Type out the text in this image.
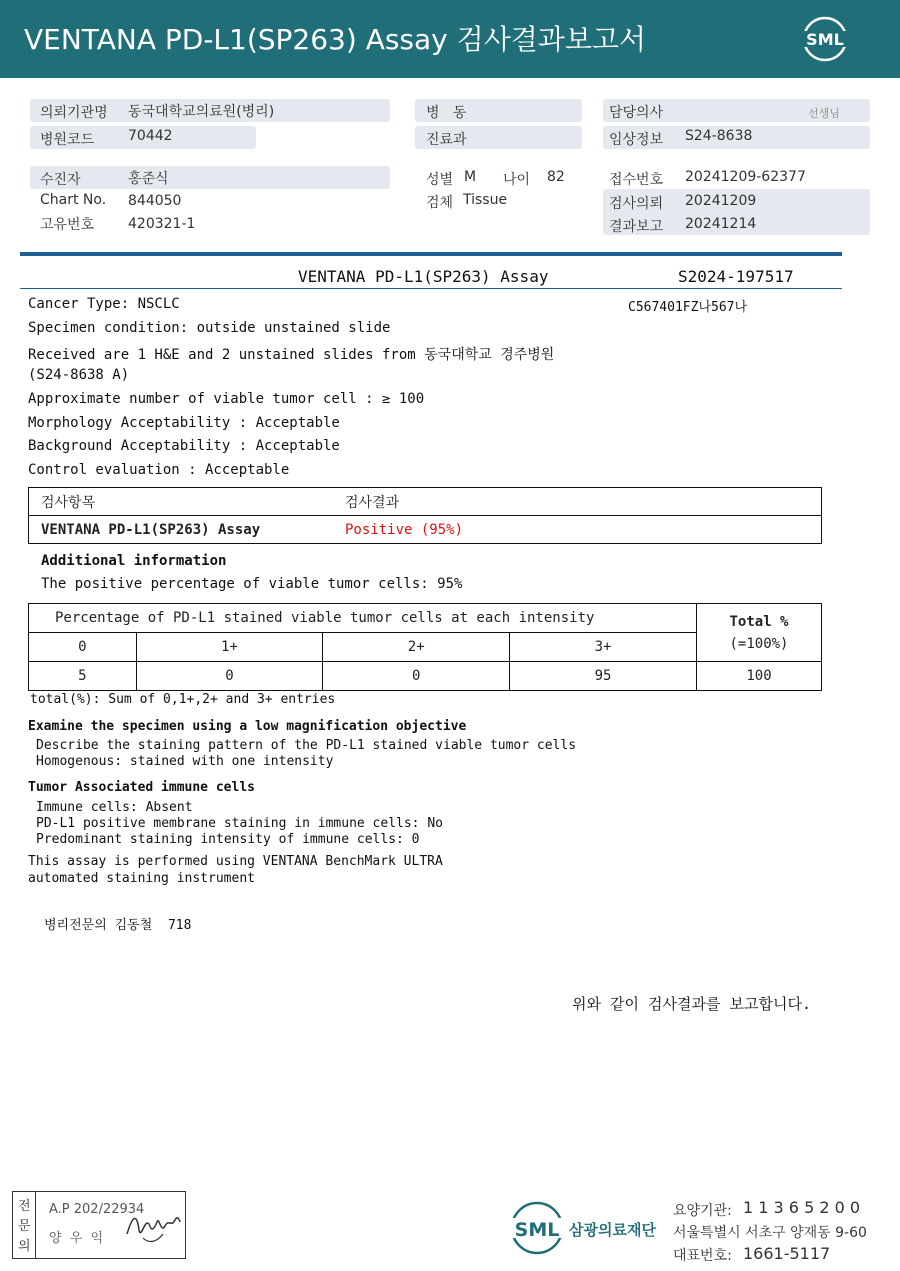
VENTANA PD-L1(SP263) Assay 검사결과보고서	SML
의뢰기관명 동국대학교의료원(병리)
병원코드 70442
병   동
진료과
담당의사	선생님
임상정보 S24-8638
수진자	홍준식
Chart No. 844050
고유번호 420321-1
성별 M 나이 82
검체 Tissue
접수번호 20241209-62377
검사의뢰 20241209
결과보고 20241214
VENTANA PD-L1(SP263) Assay	S2024-197517
C567401FZ나567나
Cancer Type: NSCLC
Specimen condition: outside unstained slide
Received are 1 H&E and 2 unstained slides from 동국대학교 경주병원
(S24-8638 A)
Approximate number of viable tumor cell : ≥ 100
Morphology Acceptability : Acceptable
Background Acceptability : Acceptable
Control evaluation : Acceptable
검사항목	검사결과
VENTANA PD-L1(SP263) Assay	Positive (95%)
Additional information
The positive percentage of viable tumor cells: 95%
Percentage of PD-L1 stained viable tumor cells at each intensity				Total %
(=100%)

0	1+	2+	3+	
5	0	0	95	100
total(%): Sum of 0,1+,2+ and 3+ entries
Examine the specimen using a low magnification objective
Describe the staining pattern of the PD-L1 stained viable tumor cells
Homogenous: stained with one intensity
Tumor Associated immune cells
Immune cells: Absent
PD-L1 positive membrane staining in immune cells: No
Predominant staining intensity of immune cells: 0
This assay is performed using VENTANA BenchMark ULTRA
automated staining instrument
병리전문의 김동철  718
위와 같이 검사결과를 보고합니다.
전
문
의
A.P 202/22934
양  우  익	SML 삼광의료재단
요양기관: 1 1 3 6 5 2 0 0
서울특별시 서초구 양재동 9-60
대표번호: 1661-5117
